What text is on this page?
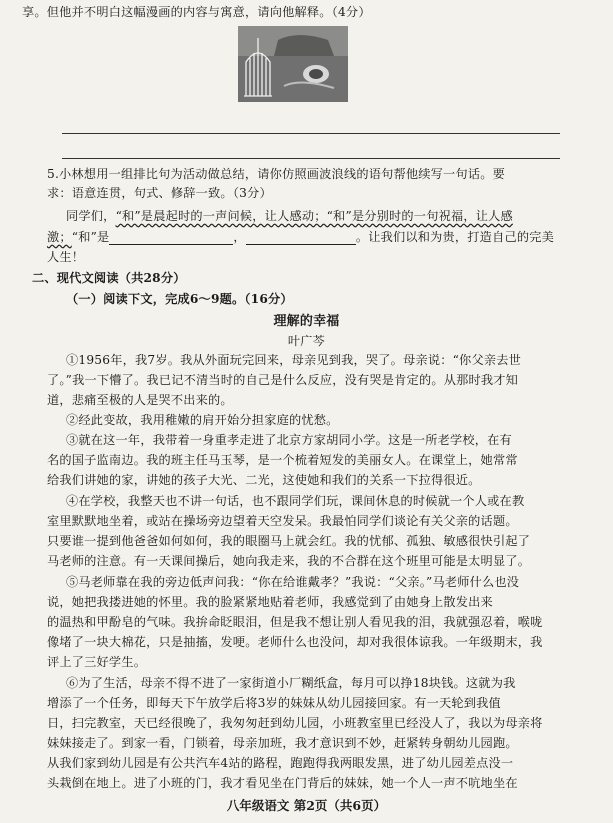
享。但他并不明白这幅漫画的内容与寓意，请向他解释。（4分）
5.小林想用一组排比句为活动做总结，请你仿照画波浪线的语句帮他续写一句话。要
求：语意连贯，句式、修辞一致。（3分）
同学们，“和”是晨起时的一声问候，让人感动；“和”是分别时的一句祝福，让人感
激；“和”是	，	。让我们以和为贵，打造自己的完美
人生！
二、现代文阅读（共28分）
（一）阅读下文，完成6～9题。（16分）
理解的幸福
叶广芩
①1956年，我7岁。我从外面玩完回来，母亲见到我，哭了。母亲说：“你父亲去世
了。”我一下懵了。我已记不清当时的自己是什么反应，没有哭是肯定的。从那时我才知
道，悲痛至极的人是哭不出来的。
②经此变故，我用稚嫩的肩开始分担家庭的忧愁。
③就在这一年，我带着一身重孝走进了北京方家胡同小学。这是一所老学校，在有
名的国子监南边。我的班主任马玉琴，是一个梳着短发的美丽女人。在课堂上，她常常
给我们讲她的家，讲她的孩子大光、二光，这使她和我们的关系一下拉得很近。
④在学校，我整天也不讲一句话，也不跟同学们玩，课间休息的时候就一个人或在教
室里默默地坐着，或站在操场旁边望着天空发呆。我最怕同学们谈论有关父亲的话题。
只要谁一提到他爸爸如何如何，我的眼圈马上就会红。我的忧郁、孤独、敏感很快引起了
马老师的注意。有一天课间操后，她向我走来，我的不合群在这个班里可能是太明显了。
⑤马老师靠在我的旁边低声问我：“你在给谁戴孝？”我说：“父亲。”马老师什么也没
说，她把我搂进她的怀里。我的脸紧紧地贴着老师，我感觉到了由她身上散发出来
的温热和甲酚皂的气味。我拚命眨眼泪，但是我不想让别人看见我的泪，我就强忍着，喉咙
像堵了一块大棉花，只是抽搐，发哽。老师什么也没问，却对我很体谅我。一年级期末，我
评上了三好学生。
⑥为了生活，母亲不得不进了一家街道小厂糊纸盒，每月可以挣18块钱。这就为我
增添了一个任务，即每天下午放学后将3岁的妹妹从幼儿园接回家。有一天轮到我值
日，扫完教室，天已经很晚了，我匆匆赶到幼儿园，小班教室里已经没人了，我以为母亲将
妹妹接走了。到家一看，门锁着，母亲加班，我才意识到不妙，赶紧转身朝幼儿园跑。
从我们家到幼儿园是有公共汽车4站的路程，跑跑得我两眼发黑，进了幼儿园差点没一
头栽倒在地上。进了小班的门，我才看见坐在门背后的妹妹，她一个人一声不吭地坐在
八年级语文 第2页（共6页）
